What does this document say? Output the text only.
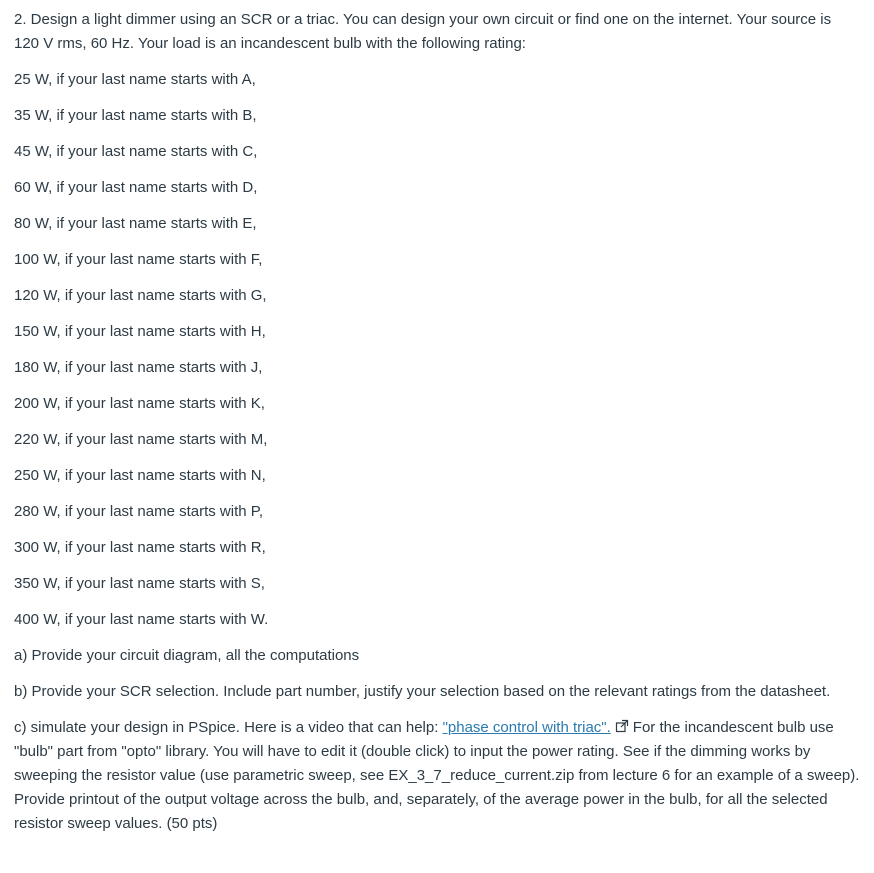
2. Design a light dimmer using an SCR or a triac. You can design your own circuit or find one on the internet. Your source is 120 V rms, 60 Hz. Your load is an incandescent bulb with the following rating:

25 W, if your last name starts with A,

35 W, if your last name starts with B,

45 W, if your last name starts with C,

60 W, if your last name starts with D,

80 W, if your last name starts with E,

100 W, if your last name starts with F,

120 W, if your last name starts with G,

150 W, if your last name starts with H,

180 W, if your last name starts with J,

200 W, if your last name starts with K,

220 W, if your last name starts with M,

250 W, if your last name starts with N,

280 W, if your last name starts with P,

300 W, if your last name starts with R,

350 W, if your last name starts with S,

400 W, if your last name starts with W.

a) Provide your circuit diagram, all the computations

b) Provide your SCR selection. Include part number, justify your selection based on the relevant ratings from the datasheet.

c) simulate your design in PSpice. Here is a video that can help: "phase control with triac". For the incandescent bulb use "bulb" part from "opto" library. You will have to edit it (double click) to input the power rating. See if the dimming works by sweeping the resistor value (use parametric sweep, see EX_3_7_reduce_current.zip from lecture 6 for an example of a sweep). Provide printout of the output voltage across the bulb, and, separately, of the average power in the bulb, for all the selected resistor sweep values. (50 pts)
